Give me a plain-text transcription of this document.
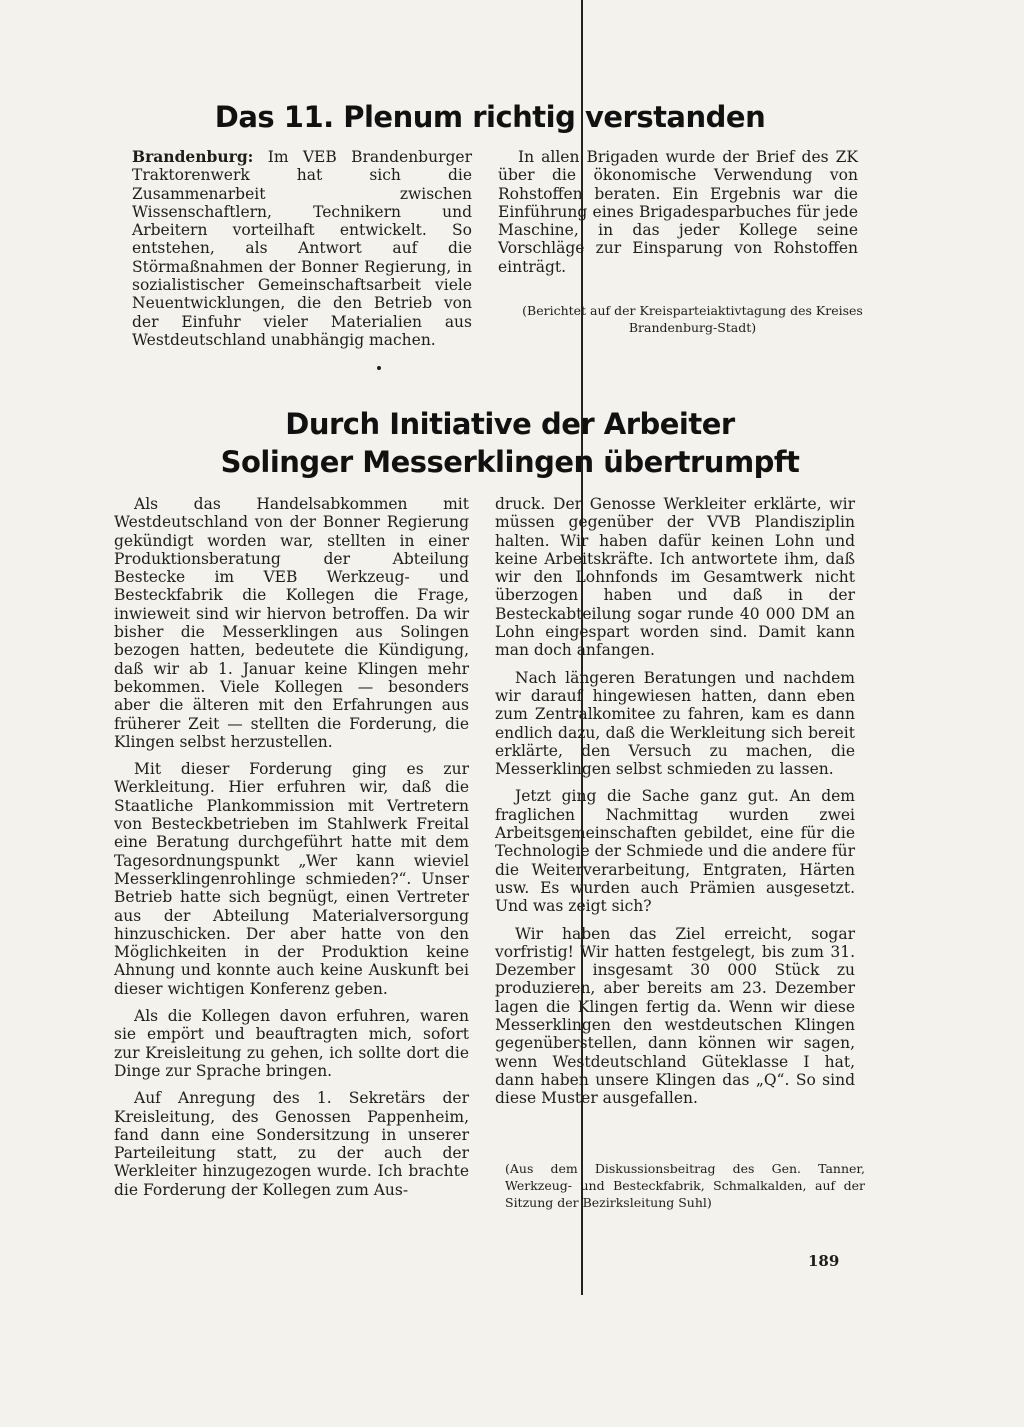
Das 11. Plenum richtig verstanden

Brandenburg: Im VEB Brandenburger Traktorenwerk hat sich die Zusammenarbeit zwischen Wissenschaftlern, Technikern und Arbeitern vorteilhaft entwickelt. So entstehen, als Antwort auf die Störmaßnahmen der Bonner Regierung, in sozialistischer Gemeinschaftsarbeit viele Neuentwicklungen, die den Betrieb von der Einfuhr vieler Materialien aus Westdeutschland unabhängig machen.

In allen Brigaden wurde der Brief des ZK über die ökonomische Verwendung von Rohstoffen beraten. Ein Ergebnis war die Einführung eines Brigadesparbuches für jede Maschine, in das jeder Kollege seine Vorschläge zur Einsparung von Rohstoffen einträgt.

(Berichtet auf der Kreisparteiaktivtagung des Kreises Brandenburg-Stadt)

Durch Initiative der Arbeiter
Solinger Messerklingen übertrumpft

Als das Handelsabkommen mit Westdeutschland von der Bonner Regierung gekündigt worden war, stellten in einer Produktionsberatung der Abteilung Bestecke im VEB Werkzeug- und Besteckfabrik die Kollegen die Frage, inwieweit sind wir hiervon betroffen. Da wir bisher die Messerklingen aus Solingen bezogen hatten, bedeutete die Kündigung, daß wir ab 1. Januar keine Klingen mehr bekommen. Viele Kollegen — besonders aber die älteren mit den Erfahrungen aus früherer Zeit — stellten die Forderung, die Klingen selbst herzustellen.

Mit dieser Forderung ging es zur Werkleitung. Hier erfuhren wir, daß die Staatliche Plankommission mit Vertretern von Besteckbetrieben im Stahlwerk Freital eine Beratung durchgeführt hatte mit dem Tagesordnungspunkt „Wer kann wieviel Messerklingenrohlinge schmieden?“. Unser Betrieb hatte sich begnügt, einen Vertreter aus der Abteilung Materialversorgung hinzuschicken. Der aber hatte von den Möglichkeiten in der Produktion keine Ahnung und konnte auch keine Auskunft bei dieser wichtigen Konferenz geben.

Als die Kollegen davon erfuhren, waren sie empört und beauftragten mich, sofort zur Kreisleitung zu gehen, ich sollte dort die Dinge zur Sprache bringen.

Auf Anregung des 1. Sekretärs der Kreisleitung, des Genossen Pappenheim, fand dann eine Sondersitzung in unserer Parteileitung statt, zu der auch der Werkleiter hinzugezogen wurde. Ich brachte die Forderung der Kollegen zum Aus-

druck. Der Genosse Werkleiter erklärte, wir müssen gegenüber der VVB Plandisziplin halten. Wir haben dafür keinen Lohn und keine Arbeitskräfte. Ich antwortete ihm, daß wir den Lohnfonds im Gesamtwerk nicht überzogen haben und daß in der Besteckabteilung sogar runde 40 000 DM an Lohn eingespart worden sind. Damit kann man doch anfangen.

Nach längeren Beratungen und nachdem wir darauf hingewiesen hatten, dann eben zum Zentralkomitee zu fahren, kam es dann endlich dazu, daß die Werkleitung sich bereit erklärte, den Versuch zu machen, die Messerklingen selbst schmieden zu lassen.

Jetzt ging die Sache ganz gut. An dem fraglichen Nachmittag wurden zwei Arbeitsgemeinschaften gebildet, eine für die Technologie der Schmiede und die andere für die Weiterverarbeitung, Entgraten, Härten usw. Es wurden auch Prämien ausgesetzt. Und was zeigt sich?

Wir haben das Ziel erreicht, sogar vorfristig! Wir hatten festgelegt, bis zum 31. Dezember insgesamt 30 000 Stück zu produzieren, aber bereits am 23. Dezember lagen die Klingen fertig da. Wenn wir diese Messerklingen den westdeutschen Klingen gegenüberstellen, dann können wir sagen, wenn Westdeutschland Güteklasse I hat, dann haben unsere Klingen das „Q“. So sind diese Muster ausgefallen.

(Aus dem Diskussionsbeitrag des Gen. Tanner, Werkzeug- und Besteckfabrik, Schmalkalden, auf der Sitzung der Bezirksleitung Suhl)

189
